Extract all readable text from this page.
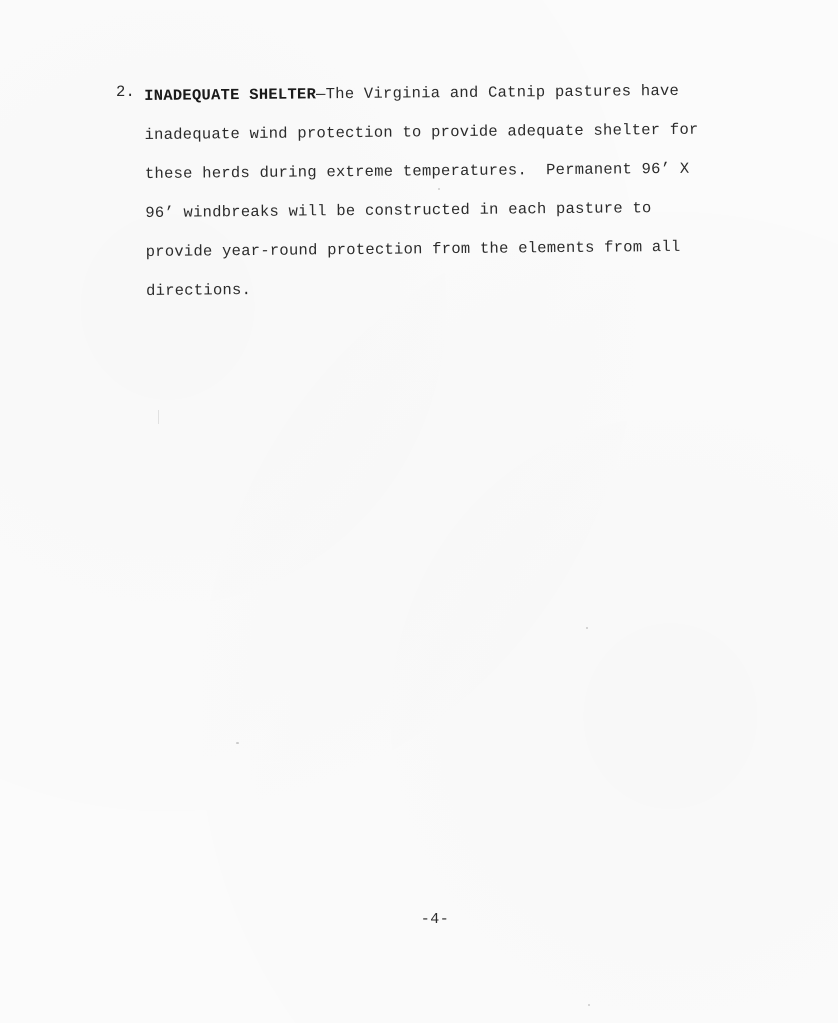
2. INADEQUATE SHELTER—The Virginia and Catnip pastures have
inadequate wind protection to provide adequate shelter for
these herds during extreme temperatures.  Permanent 96’ X
96’ windbreaks will be constructed in each pasture to
provide year-round protection from the elements from all
directions.
-4-
